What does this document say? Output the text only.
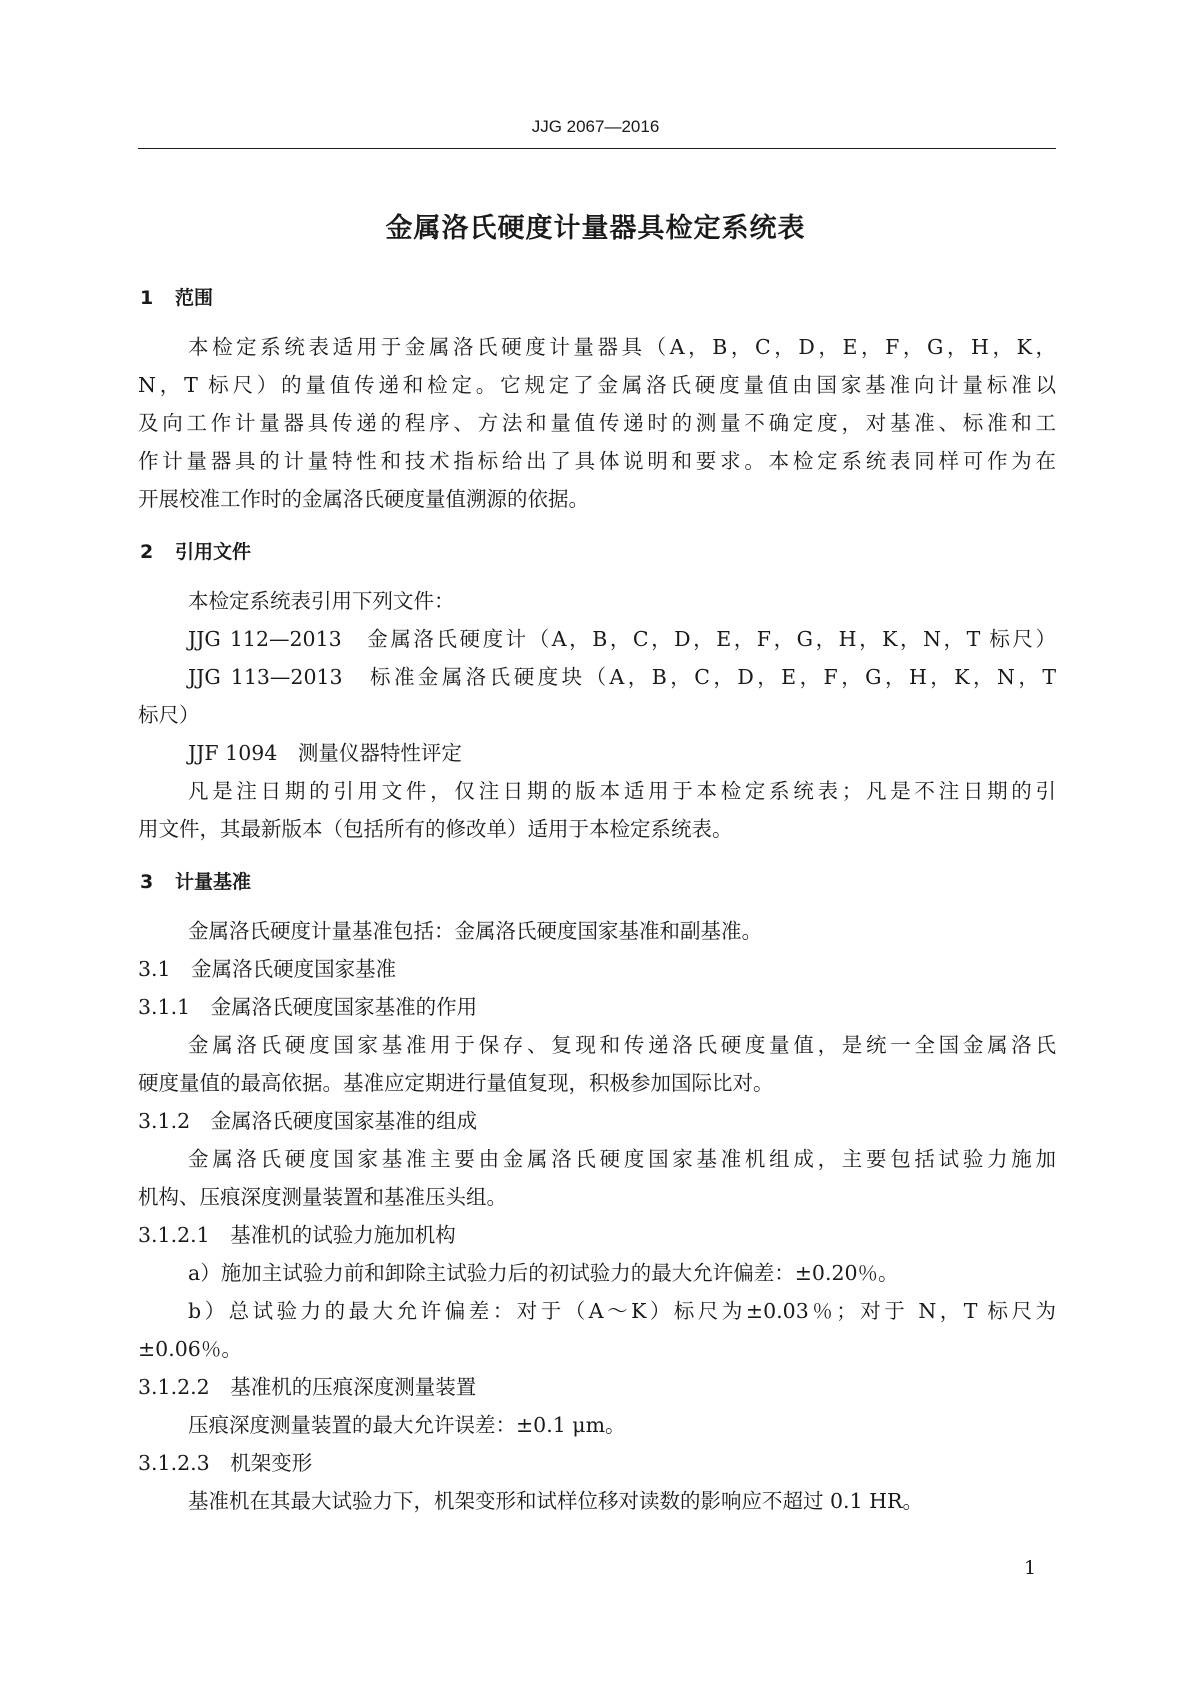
JJG 2067—2016
金属洛氏硬度计量器具检定系统表
1 范围
本检定系统表适用于金属洛氏硬度计量器具（A，B，C，D，E，F，G，H，K，
N，T 标尺）的量值传递和检定。它规定了金属洛氏硬度量值由国家基准向计量标准以
及向工作计量器具传递的程序、方法和量值传递时的测量不确定度，对基准、标准和工
作计量器具的计量特性和技术指标给出了具体说明和要求。本检定系统表同样可作为在
开展校准工作时的金属洛氏硬度量值溯源的依据。
2 引用文件
本检定系统表引用下列文件：
JJG 112—2013　金属洛氏硬度计（A，B，C，D，E，F，G，H，K，N，T 标尺）
JJG 113—2013　标准金属洛氏硬度块（A，B，C，D，E，F，G，H，K，N，T
标尺）
JJF 1094　测量仪器特性评定
凡是注日期的引用文件，仅注日期的版本适用于本检定系统表；凡是不注日期的引
用文件，其最新版本（包括所有的修改单）适用于本检定系统表。
3 计量基准
金属洛氏硬度计量基准包括：金属洛氏硬度国家基准和副基准。
3.1　金属洛氏硬度国家基准
3.1.1　金属洛氏硬度国家基准的作用
金属洛氏硬度国家基准用于保存、复现和传递洛氏硬度量值，是统一全国金属洛氏
硬度量值的最高依据。基准应定期进行量值复现，积极参加国际比对。
3.1.2　金属洛氏硬度国家基准的组成
金属洛氏硬度国家基准主要由金属洛氏硬度国家基准机组成，主要包括试验力施加
机构、压痕深度测量装置和基准压头组。
3.1.2.1　基准机的试验力施加机构
a）施加主试验力前和卸除主试验力后的初试验力的最大允许偏差：±0.20％。
b）总试验力的最大允许偏差：对于（A～K）标尺为±0.03％；对于 N，T 标尺为
±0.06％。
3.1.2.2　基准机的压痕深度测量装置
压痕深度测量装置的最大允许误差：±0.1 μm。
3.1.2.3　机架变形
基准机在其最大试验力下，机架变形和试样位移对读数的影响应不超过 0.1 HR。
1
